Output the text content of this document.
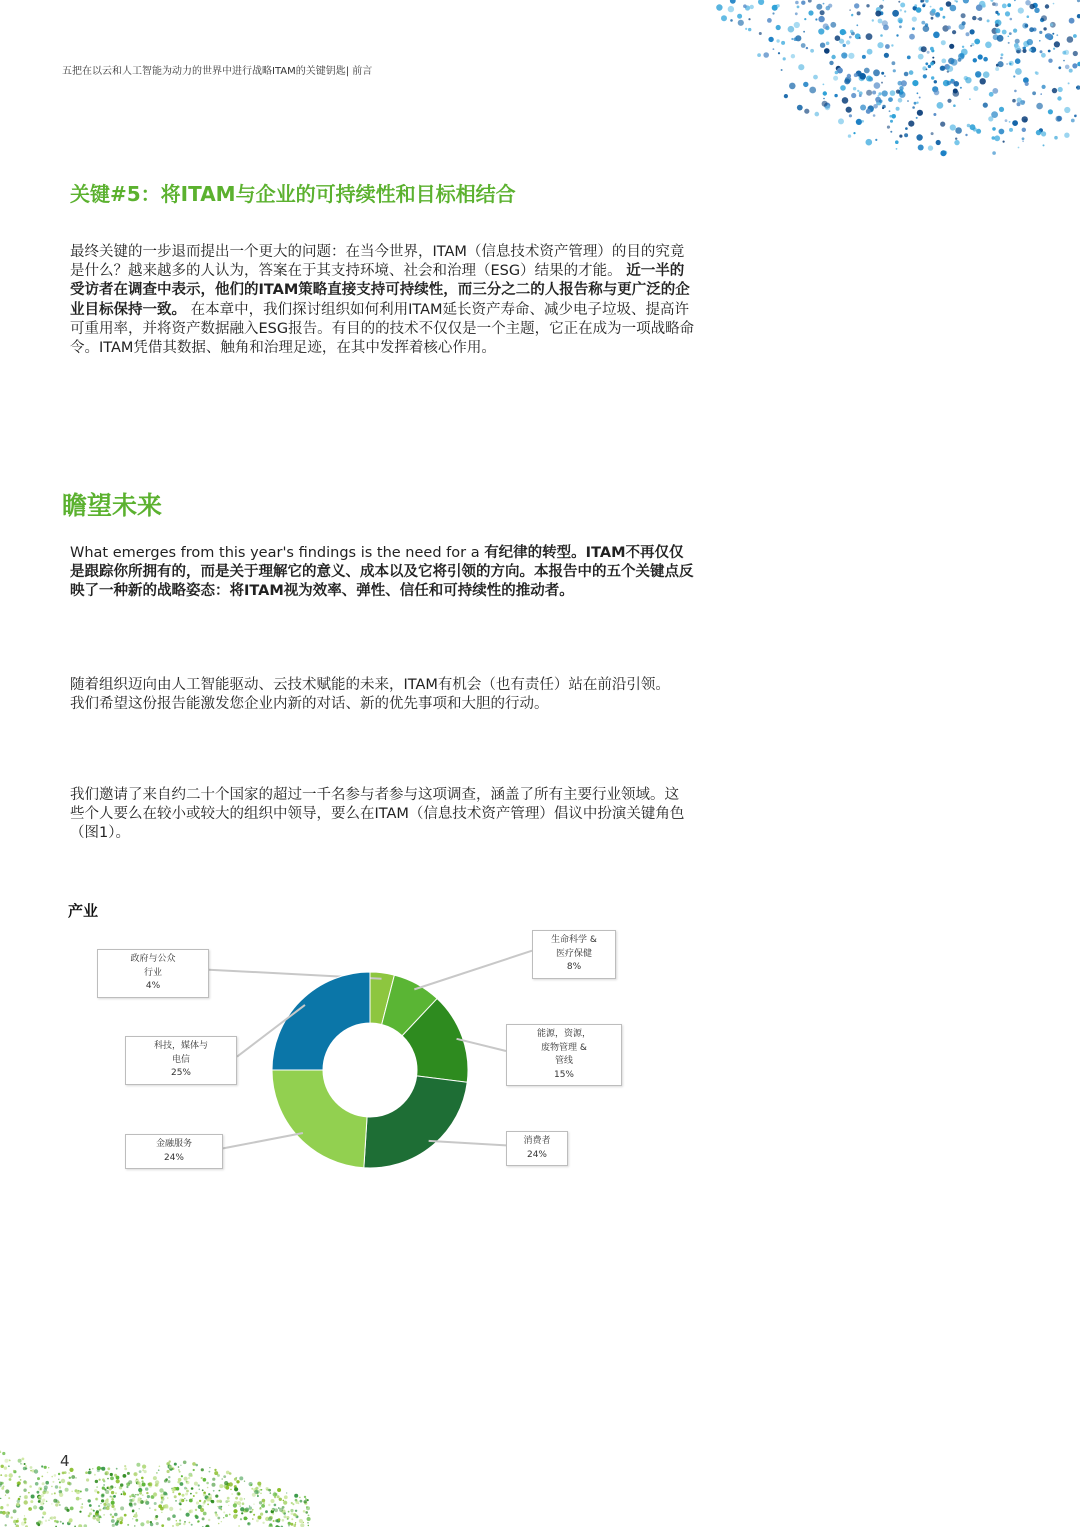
五把在以云和人工智能为动力的世界中进行战略ITAM的关键钥匙| 前言
关键#5：将ITAM与企业的可持续性和目标相结合

最终关键的一步退而提出一个更大的问题：在当今世界，ITAM（信息技术资产管理）的目的究竟是什么？越来越多的人认为，答案在于其支持环境、社会和治理（ESG）结果的才能。 近一半的受访者在调查中表示，他们的ITAM策略直接支持可持续性，而三分之二的人报告称与更广泛的企业目标保持一致。 在本章中，我们探讨组织如何利用ITAM延长资产寿命、减少电子垃圾、提高许可重用率，并将资产数据融入ESG报告。有目的的技术不仅仅是一个主题，它正在成为一项战略命令。ITAM凭借其数据、触角和治理足迹，在其中发挥着核心作用。

瞻望未来

What emerges from this year's findings is the need for a 有纪律的转型。ITAM不再仅仅是跟踪你所拥有的，而是关于理解它的意义、成本以及它将引领的方向。本报告中的五个关键点反映了一种新的战略姿态：将ITAM视为效率、弹性、信任和可持续性的推动者。

随着组织迈向由人工智能驱动、云技术赋能的未来，ITAM有机会（也有责任）站在前沿引领。我们希望这份报告能激发您企业内新的对话、新的优先事项和大胆的行动。

我们邀请了来自约二十个国家的超过一千名参与者参与这项调查，涵盖了所有主要行业领域。这些个人要么在较小或较大的组织中领导，要么在ITAM（信息技术资产管理）倡议中扮演关键角色（图1）。

产业
政府与公众
行业
4%
生命科学 &
医疗保健
8%
能源，资源，
废物管理 &
管线
15%
消费者
24%
金融服务
24%
科技，媒体与
电信
25%
4
